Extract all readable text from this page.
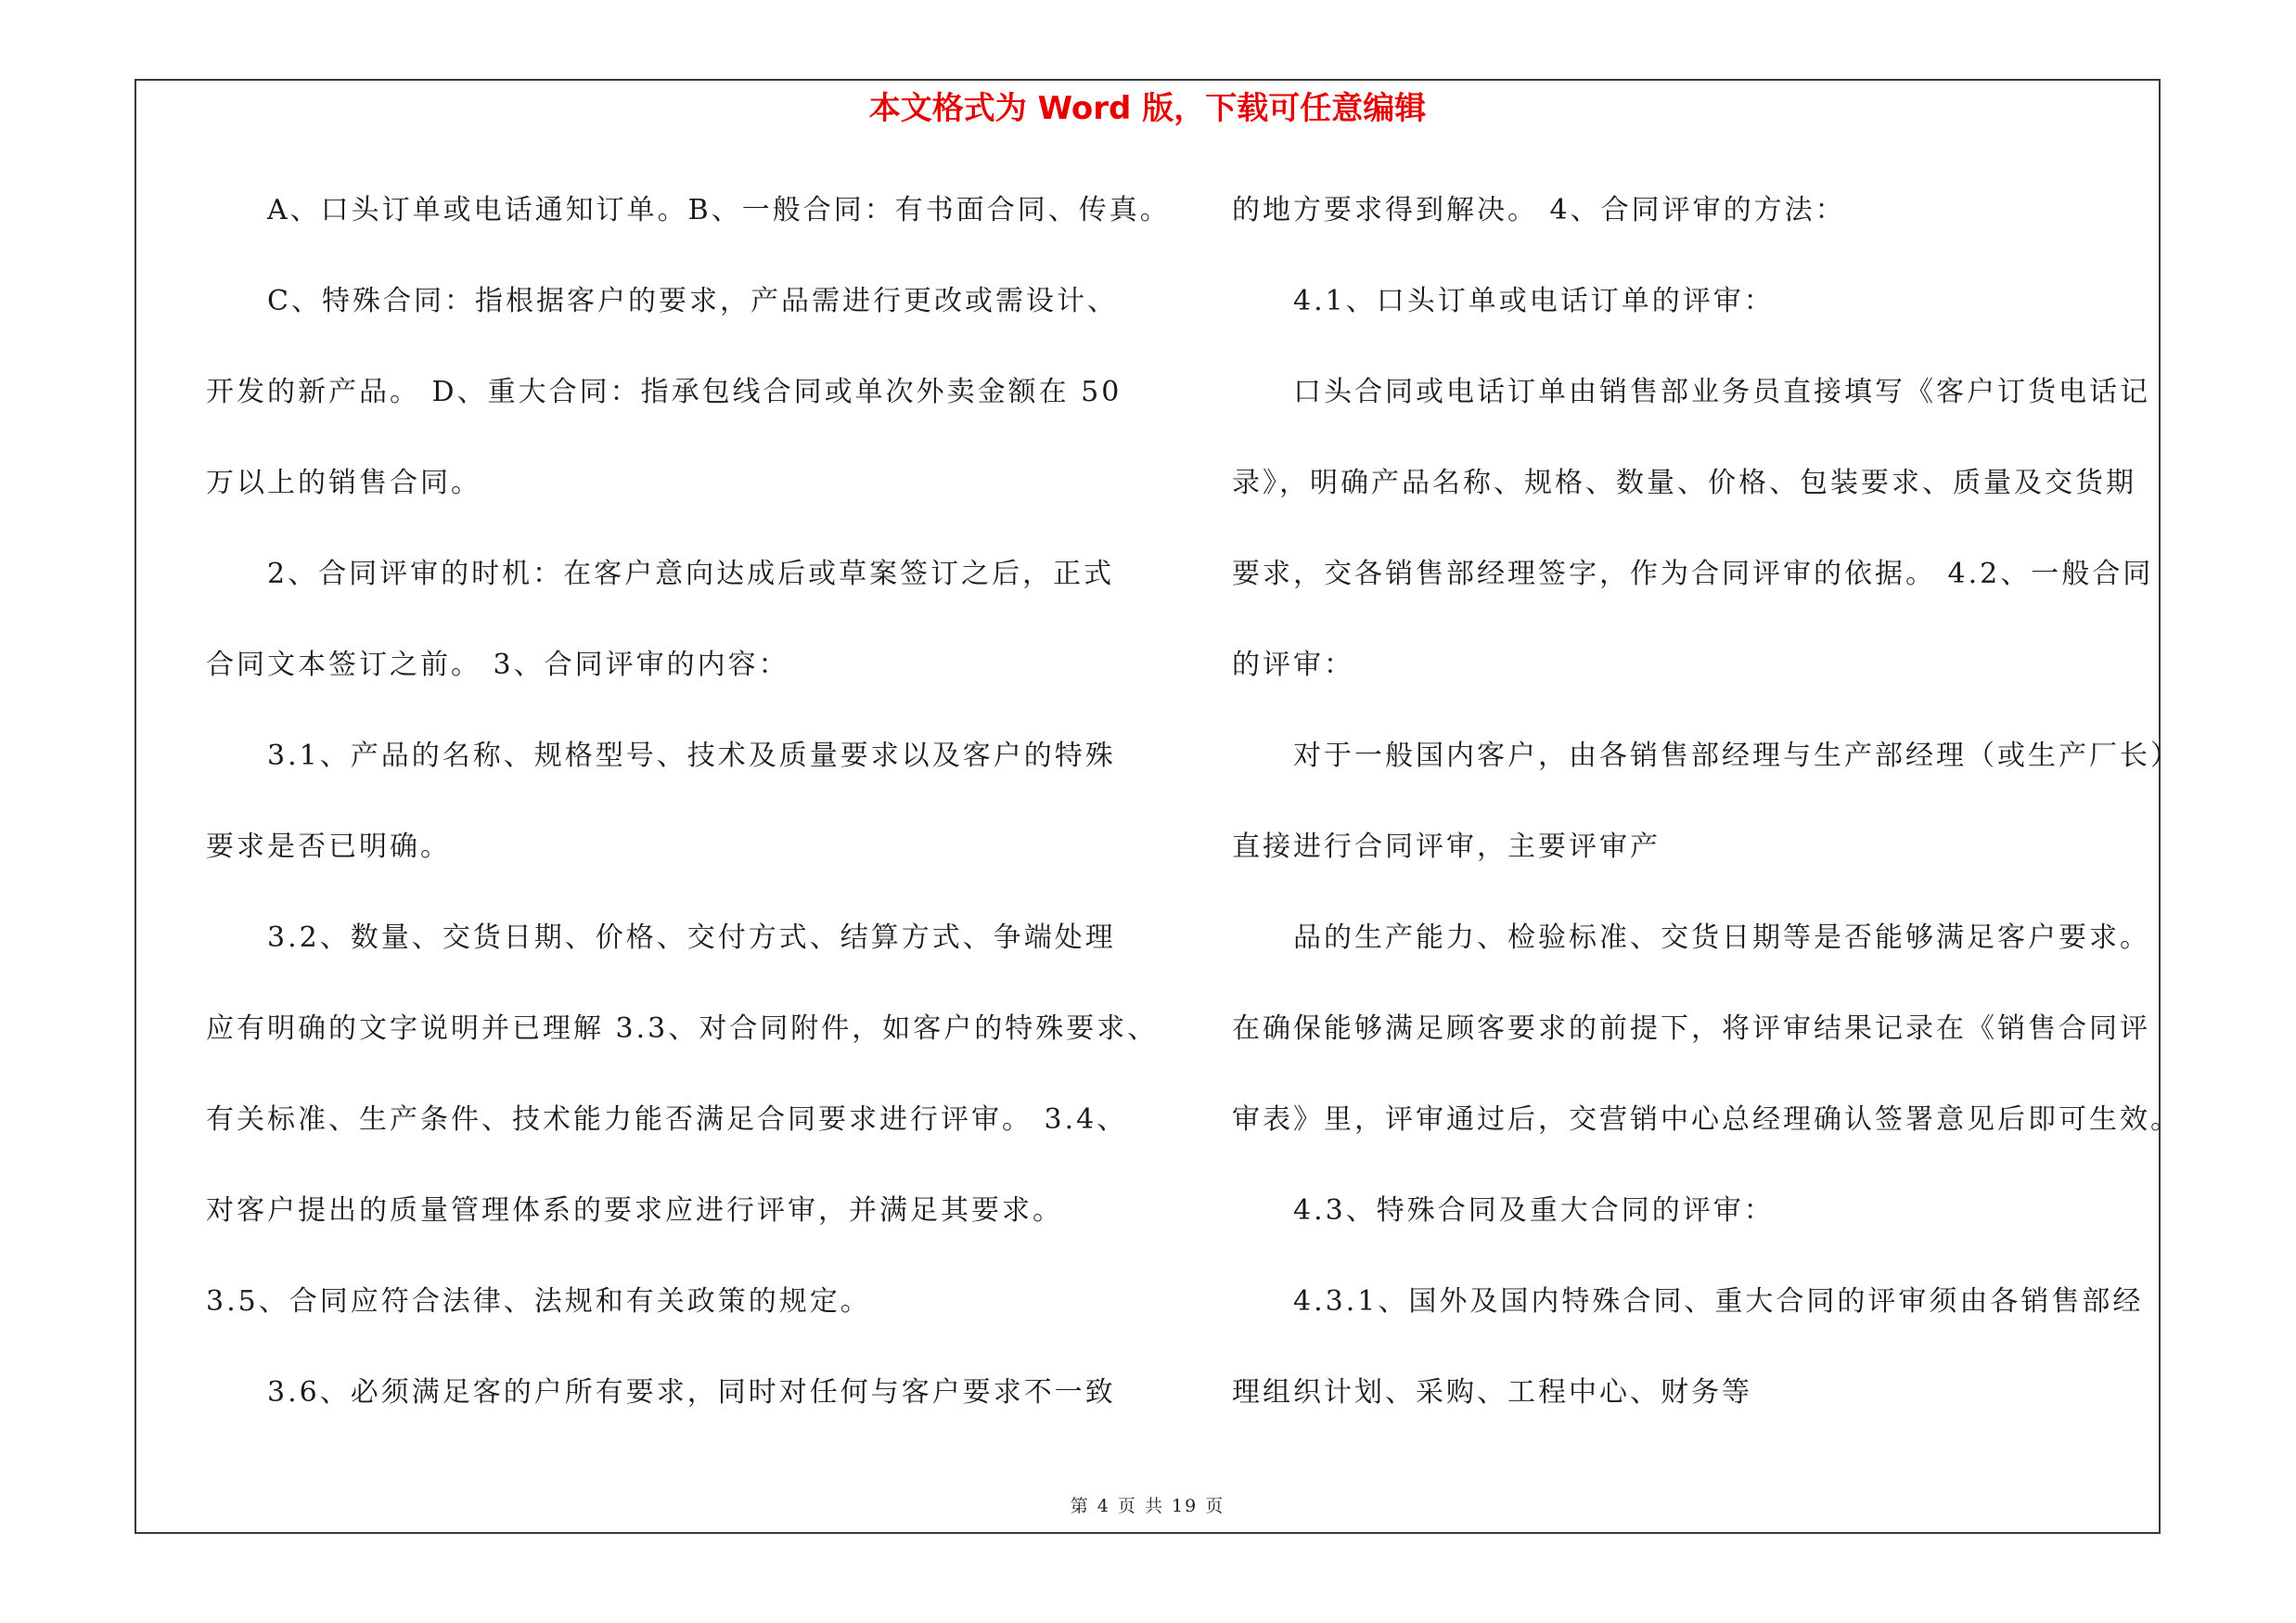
本文格式为 Word 版，下载可任意编辑

A、口头订单或电话通知订单。B、一般合同：有书面合同、传真。

C、特殊合同：指根据客户的要求，产品需进行更改或需设计、

开发的新产品。 D、重大合同：指承包线合同或单次外卖金额在 50

万以上的销售合同。

2、合同评审的时机：在客户意向达成后或草案签订之后，正式

合同文本签订之前。 3、合同评审的内容：

3.1、产品的名称、规格型号、技术及质量要求以及客户的特殊

要求是否已明确。

3.2、数量、交货日期、价格、交付方式、结算方式、争端处理

应有明确的文字说明并已理解 3.3、对合同附件，如客户的特殊要求、

有关标准、生产条件、技术能力能否满足合同要求进行评审。 3.4、

对客户提出的质量管理体系的要求应进行评审，并满足其要求。

3.5、合同应符合法律、法规和有关政策的规定。

3.6、必须满足客的户所有要求，同时对任何与客户要求不一致

的地方要求得到解决。 4、合同评审的方法：

4.1、口头订单或电话订单的评审：

口头合同或电话订单由销售部业务员直接填写《客户订货电话记

录》，明确产品名称、规格、数量、价格、包装要求、质量及交货期

要求，交各销售部经理签字，作为合同评审的依据。 4.2、一般合同

的评审：

对于一般国内客户，由各销售部经理与生产部经理（或生产厂长）

直接进行合同评审，主要评审产

品的生产能力、检验标准、交货日期等是否能够满足客户要求。

在确保能够满足顾客要求的前提下，将评审结果记录在《销售合同评

审表》里，评审通过后，交营销中心总经理确认签署意见后即可生效。

4.3、特殊合同及重大合同的评审：

4.3.1、国外及国内特殊合同、重大合同的评审须由各销售部经

理组织计划、采购、工程中心、财务等

第 4 页 共 19 页
